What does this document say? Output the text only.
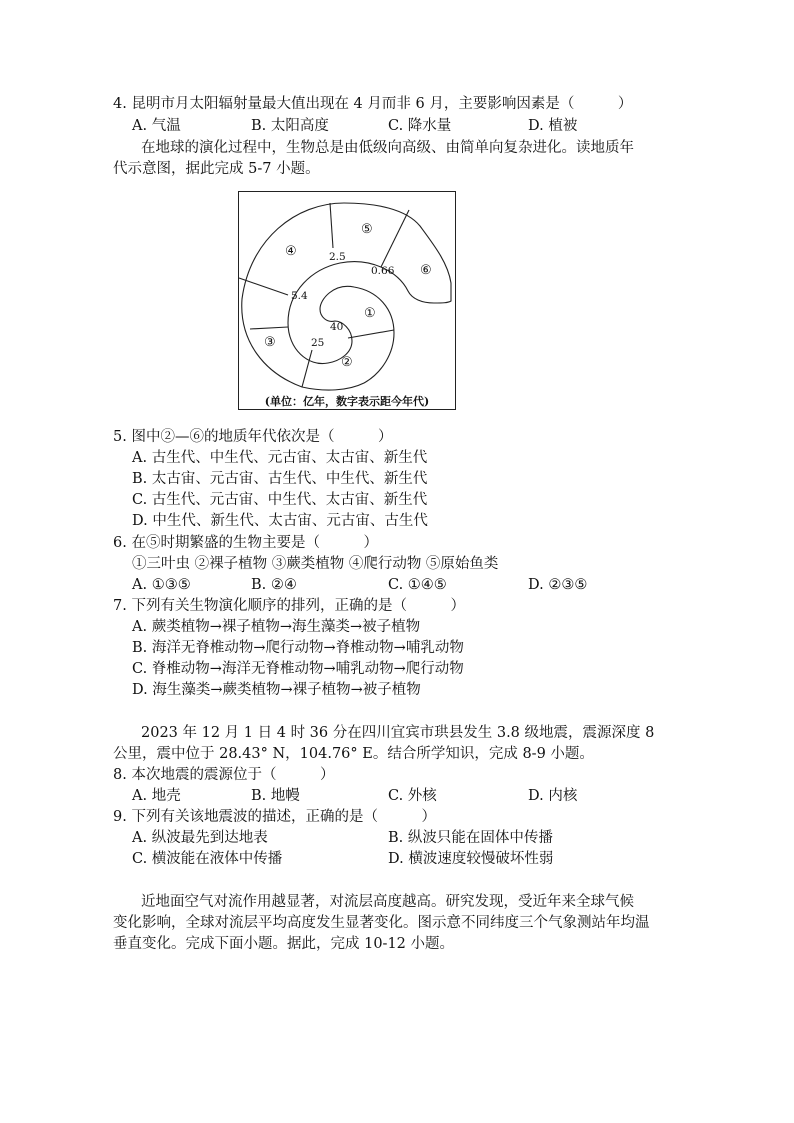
4. 昆明市月太阳辐射量最大值出现在 4 月而非 6 月，主要影响因素是（　　　）
A. 气温	B. 太阳高度	C. 降水量	D. 植被
在地球的演化过程中，生物总是由低级向高级、由简单向复杂进化。读地质年
代示意图，据此完成 5-7 小题。
①
②
③
④
⑤
⑥
40
25
5.4
2.5
0.66
(单位：亿年，数字表示距今年代)
5. 图中②—⑥的地质年代依次是（　　　）
A. 古生代、中生代、元古宙、太古宙、新生代
B. 太古宙、元古宙、古生代、中生代、新生代
C. 古生代、元古宙、中生代、太古宙、新生代
D. 中生代、新生代、太古宙、元古宙、古生代
6. 在⑤时期繁盛的生物主要是（　　　）
①三叶虫 ②裸子植物 ③蕨类植物 ④爬行动物 ⑤原始鱼类
A. ①③⑤	B. ②④	C. ①④⑤	D. ②③⑤
7. 下列有关生物演化顺序的排列，正确的是（　　　）
A. 蕨类植物→裸子植物→海生藻类→被子植物
B. 海洋无脊椎动物→爬行动物→脊椎动物→哺乳动物
C. 脊椎动物→海洋无脊椎动物→哺乳动物→爬行动物
D. 海生藻类→蕨类植物→裸子植物→被子植物
2023 年 12 月 1 日 4 时 36 分在四川宜宾市珙县发生 3.8 级地震，震源深度 8
公里，震中位于 28.43° N，104.76° E。结合所学知识，完成 8-9 小题。
8. 本次地震的震源位于（　　　）
A. 地壳	B. 地幔	C. 外核	D. 内核
9. 下列有关该地震波的描述，正确的是（　　　）
A. 纵波最先到达地表	B. 纵波只能在固体中传播
C. 横波能在液体中传播	D. 横波速度较慢破坏性弱
近地面空气对流作用越显著，对流层高度越高。研究发现，受近年来全球气候
变化影响，全球对流层平均高度发生显著变化。图示意不同纬度三个气象测站年均温
垂直变化。完成下面小题。据此，完成 10-12 小题。
